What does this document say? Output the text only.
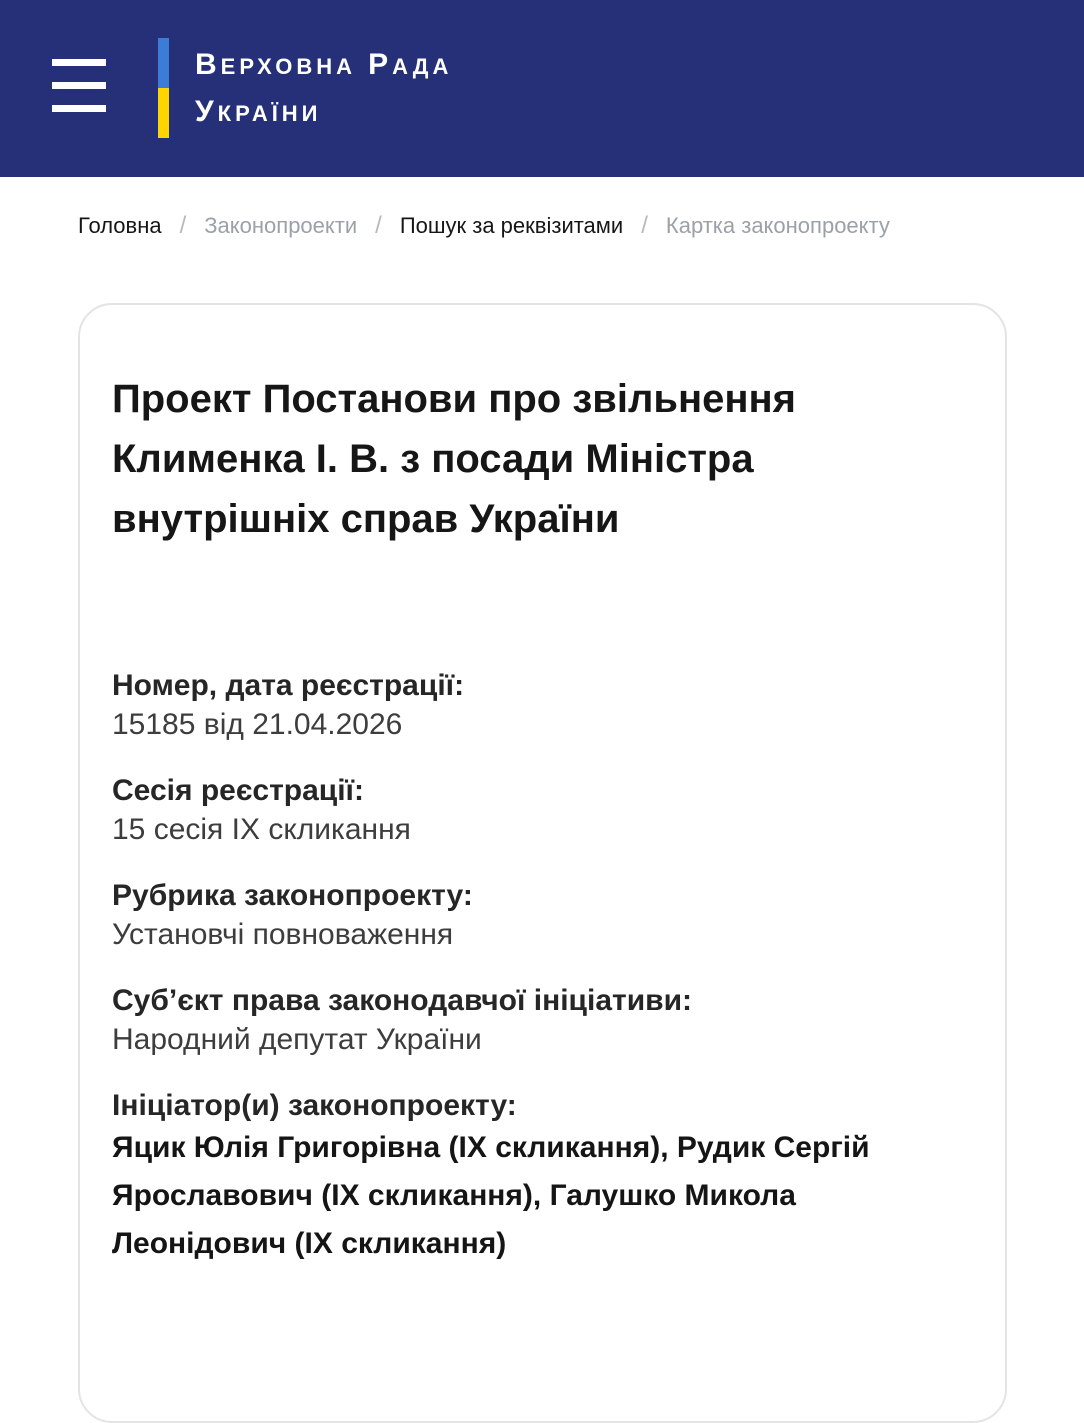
ВЕРХОВНА РАДА
УКРАЇНИ
Головна / Законопроекти / Пошук за реквізитами / Картка законопроекту
Проект Постанови про звільнення Клименка І. В. з посади Міністра внутрішніх справ України
Номер, дата реєстрації:
15185 від 21.04.2026
Сесія реєстрації:
15 сесія IX скликання
Рубрика законопроекту:
Установчі повноваження
Суб’єкт права законодавчої ініціативи:
Народний депутат України
Ініціатор(и) законопроекту:
Яцик Юлія Григорівна (IX скликання), Рудик Сергій Ярославович (IX скликання), Галушко Микола Леонідович (IX скликання)
